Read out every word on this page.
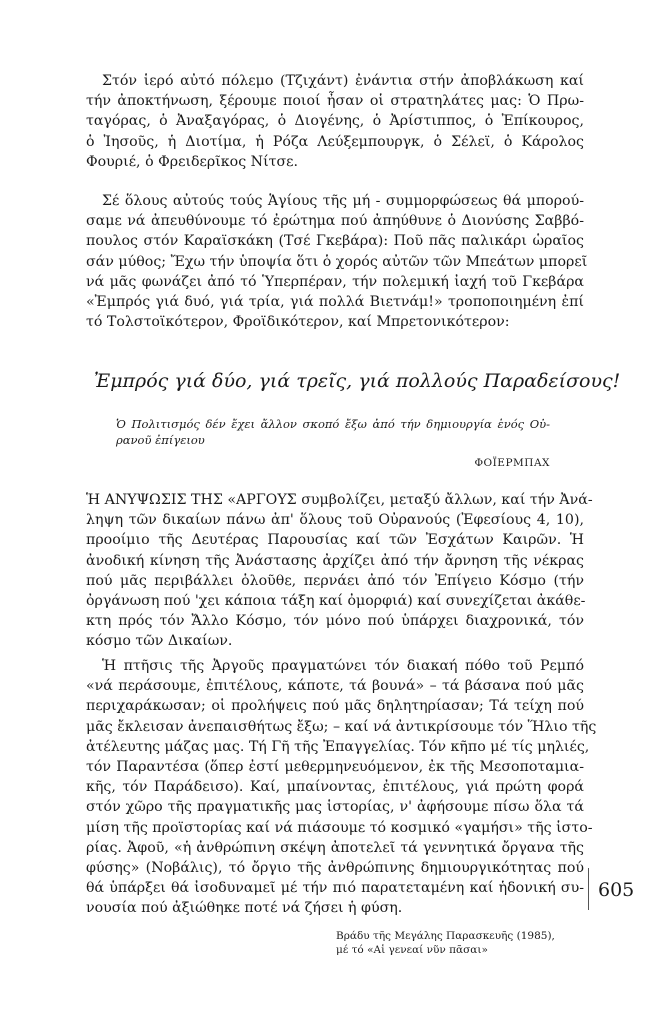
Στόν ἱερό αὐτό πόλεμο (Τζιχάντ) ἐνάντια στήν ἀποβλάκωση καί
τήν ἀποκτήνωση, ξέρουμε ποιοί ἦσαν οἱ στρατηλάτες μας: Ὁ Πρω-
ταγόρας, ὁ Ἀναξαγόρας, ὁ Διογένης, ὁ Ἀρίστιππος, ὁ Ἐπίκουρος,
ὁ Ἰησοῦς, ἡ Διοτίμα, ἡ Ρόζα Λεύξεμπουργκ, ὁ Σέλεϊ, ὁ Κάρολος
Φουριέ, ὁ Φρειδερῖκος Νίτσε.
Σέ ὅλους αὐτούς τούς Ἁγίους τῆς μή - συμμορφώσεως θά μπορού-
σαμε νά ἀπευθύνουμε τό ἐρώτημα πού ἀπηύθυνε ὁ Διονύσης Σαββό-
πουλος στόν Καραϊσκάκη (Τσέ Γκεβάρα): Ποῦ πᾶς παλικάρι ὡραῖος
σάν μύθος; Ἔχω τήν ὑποψία ὅτι ὁ χορός αὐτῶν τῶν Μπεάτων μπορεῖ
νά μᾶς φωνάζει ἀπό τό Ὑπερπέραν, τήν πολεμική ἰαχή τοῦ Γκεβάρα
«Ἐμπρός γιά δυό, γιά τρία, γιά πολλά Βιετνάμ!» τροποποιημένη ἐπί
τό Τολστοϊκότερον, Φροϊδικότερον, καί Μπρετονικότερον:
Ἐμπρός γιά δύο, γιά τρεῖς, γιά πολλούς Παραδείσους!
Ὁ Πολιτισμός δέν ἔχει ἄλλον σκοπό ἔξω ἀπό τήν δημιουργία ἑνός Οὐ-
ρανοῦ ἐπίγειου
ΦΟΪΕΡΜΠΑΧ
Ἡ ΑΝΥΨΩΣΙΣ ΤΗΣ «ΑΡΓΟΥΣ συμβολίζει, μεταξύ ἄλλων, καί τήν Ἀνά-
ληψη τῶν δικαίων πάνω ἀπ' ὅλους τοῦ Οὐρανούς (Ἐφεσίους 4, 10),
προοίμιο τῆς Δευτέρας Παρουσίας καί τῶν Ἐσχάτων Καιρῶν. Ἡ
ἀνοδική κίνηση τῆς Ἀνάστασης ἀρχίζει ἀπό τήν ἄρνηση τῆς νέκρας
πού μᾶς περιβάλλει ὁλοῦθε, περνάει ἀπό τόν Ἐπίγειο Κόσμο (τήν
ὀργάνωση πού 'χει κάποια τάξη καί ὀμορφιά) καί συνεχίζεται ἀκάθε-
κτη πρός τόν Ἄλλο Κόσμο, τόν μόνο πού ὑπάρχει διαχρονικά, τόν
κόσμο τῶν Δικαίων.
Ἡ πτῆσις τῆς Ἀργοῦς πραγματώνει τόν διακαή πόθο τοῦ Ρεμπό
«νά περάσουμε, ἐπιτέλους, κάποτε, τά βουνά» – τά βάσανα πού μᾶς
περιχαράκωσαν; οἱ προλήψεις πού μᾶς δηλητηρίασαν; Τά τείχη πού
μᾶς ἔκλεισαν ἀνεπαισθήτως ἔξω; – καί νά ἀντικρίσουμε τόν Ἥλιο τῆς
ἀτέλευτης μάζας μας. Τή Γῆ τῆς Ἐπαγγελίας. Τόν κῆπο μέ τίς μηλιές,
τόν Παραντέσα (ὅπερ ἐστί μεθερμηνευόμενον, ἐκ τῆς Μεσοποταμια-
κῆς, τόν Παράδεισο). Καί, μπαίνοντας, ἐπιτέλους, γιά πρώτη φορά
στόν χῶρο τῆς πραγματικῆς μας ἱστορίας, ν' ἀφήσουμε πίσω ὅλα τά
μίση τῆς προϊστορίας καί νά πιάσουμε τό κοσμικό «γαμήσι» τῆς ἱστο-
ρίας. Ἀφοῦ, «ἡ ἀνθρώπινη σκέψη ἀποτελεῖ τά γεννητικά ὄργανα τῆς
φύσης» (Νοβάλις), τό ὄργιο τῆς ἀνθρώπινης δημιουργικότητας πού
θά ὑπάρξει θά ἰσοδυναμεῖ μέ τήν πιό παρατεταμένη καί ἡδονική συ-
νουσία πού ἀξιώθηκε ποτέ νά ζήσει ἡ φύση.
605
Βράδυ τῆς Μεγάλης Παρασκευῆς (1985),
μέ τό «Αἱ γενεαί νῦν πᾶσαι»
